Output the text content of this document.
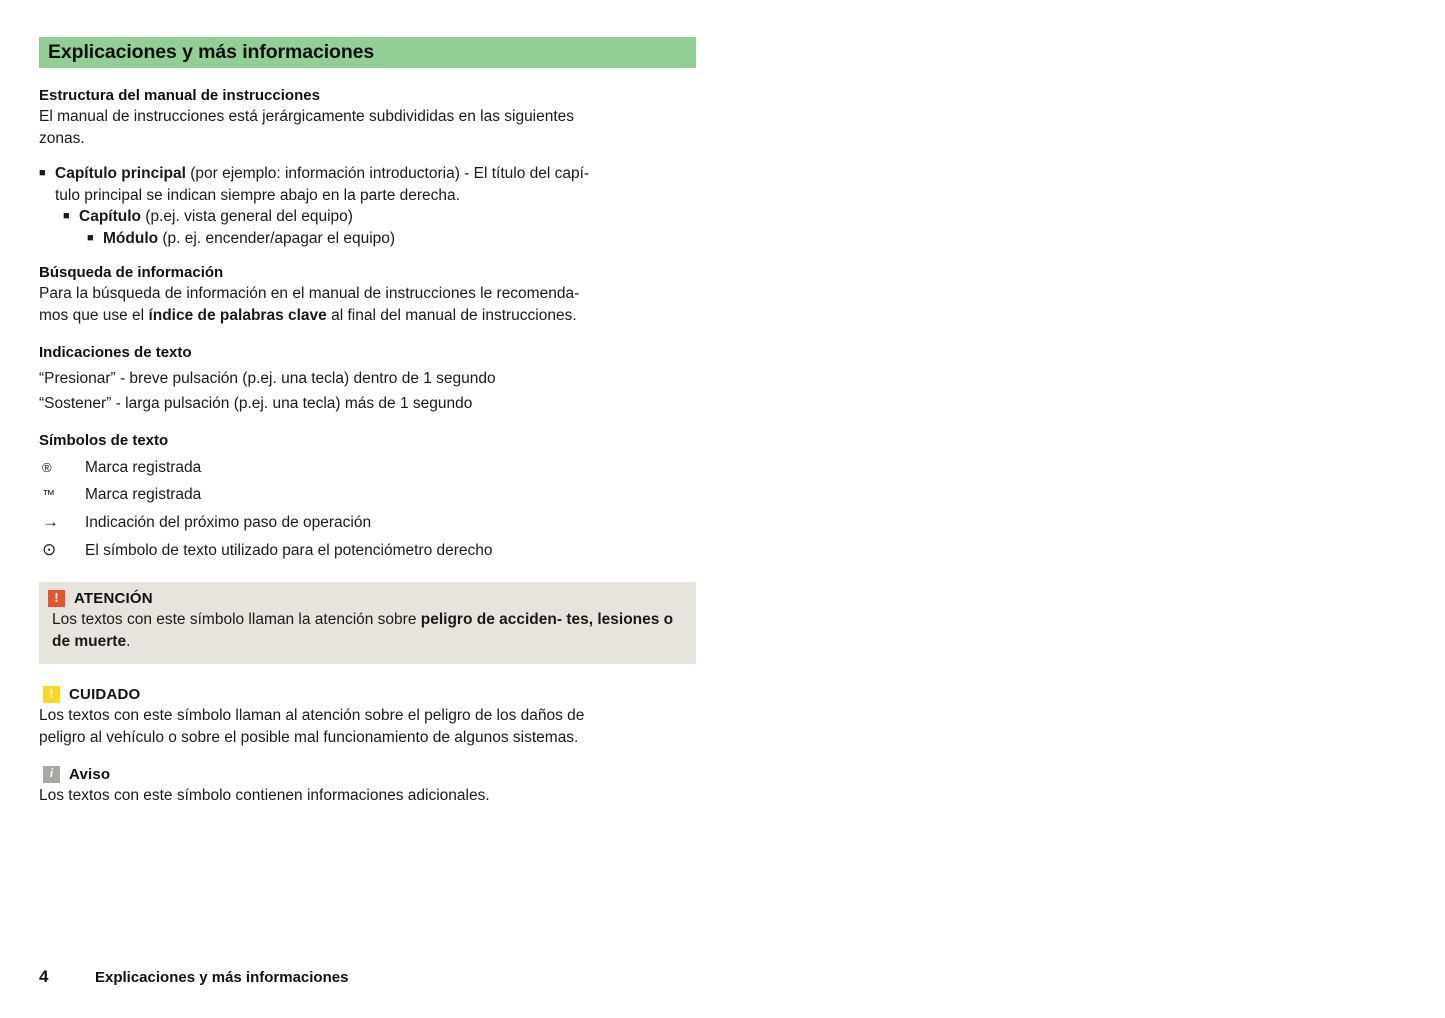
Explicaciones y más informaciones
Estructura del manual de instrucciones
El manual de instrucciones está jerárgicamente subdivididas en las siguientes
zonas.
■ Capítulo principal (por ejemplo: información introductoria) - El título del capí-
tulo principal se indican siempre abajo en la parte derecha.
■ Capítulo (p.ej. vista general del equipo)
■ Módulo (p. ej. encender/apagar el equipo)
Búsqueda de información
Para la búsqueda de información en el manual de instrucciones le recomenda-
mos que use el índice de palabras clave al final del manual de instrucciones.
Indicaciones de texto
“Presionar” - breve pulsación (p.ej. una tecla) dentro de 1 segundo
“Sostener” - larga pulsación (p.ej. una tecla) más de 1 segundo
Símbolos de texto
®	Marca registrada
™	Marca registrada
→	Indicación del próximo paso de operación
⊙	El símbolo de texto utilizado para el potenciómetro derecho
!	ATENCIÓN
Los textos con este símbolo llaman la atención sobre peligro de acciden- tes, lesiones o de muerte.
!	CUIDADO
Los textos con este símbolo llaman al atención sobre el peligro de los daños de
peligro al vehículo o sobre el posible mal funcionamiento de algunos sistemas.
i	Aviso
Los textos con este símbolo contienen informaciones adicionales.
4	Explicaciones y más informaciones
